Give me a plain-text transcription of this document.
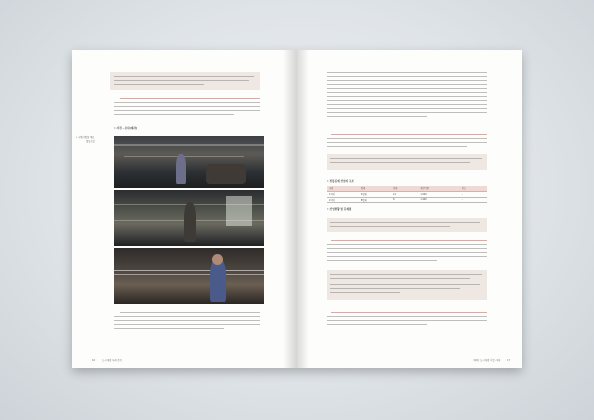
• 사진 – 초사(제사)
• 시범사업장 개요
협동조합
16	도시재생 사례 분석
구분	업체	인원	생산기반	비고
1지역	A업체	12	1,500	–
2지역	B업체	8	1,400	–
• 전통공예 산업의 구조
• 산업현황 및 문제점
제4장 도시재생 사업 사례	17
